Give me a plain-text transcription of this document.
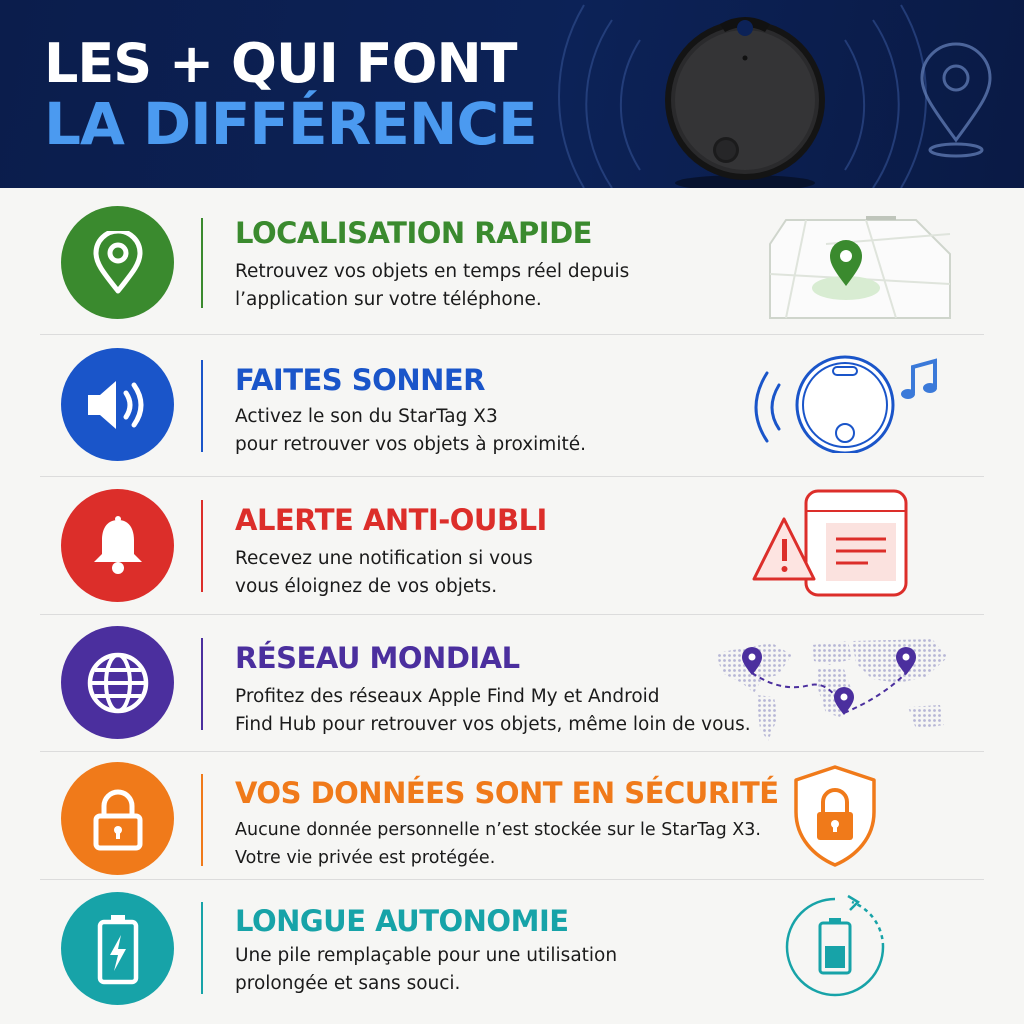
LES + QUI FONT
LA DIFFÉRENCE
LOCALISATION RAPIDE
Retrouvez vos objets en temps réel depuis
l’application sur votre téléphone.
FAITES SONNER
Activez le son du StarTag X3
pour retrouver vos objets à proximité.
ALERTE ANTI-OUBLI
Recevez une notification si vous
vous éloignez de vos objets.
RÉSEAU MONDIAL
Profitez des réseaux Apple Find My et Android
Find Hub pour retrouver vos objets, même loin de vous.
VOS DONNÉES SONT EN SÉCURITÉ
Aucune donnée personnelle n’est stockée sur le StarTag X3.
Votre vie privée est protégée.
LONGUE AUTONOMIE
Une pile remplaçable pour une utilisation
prolongée et sans souci.
